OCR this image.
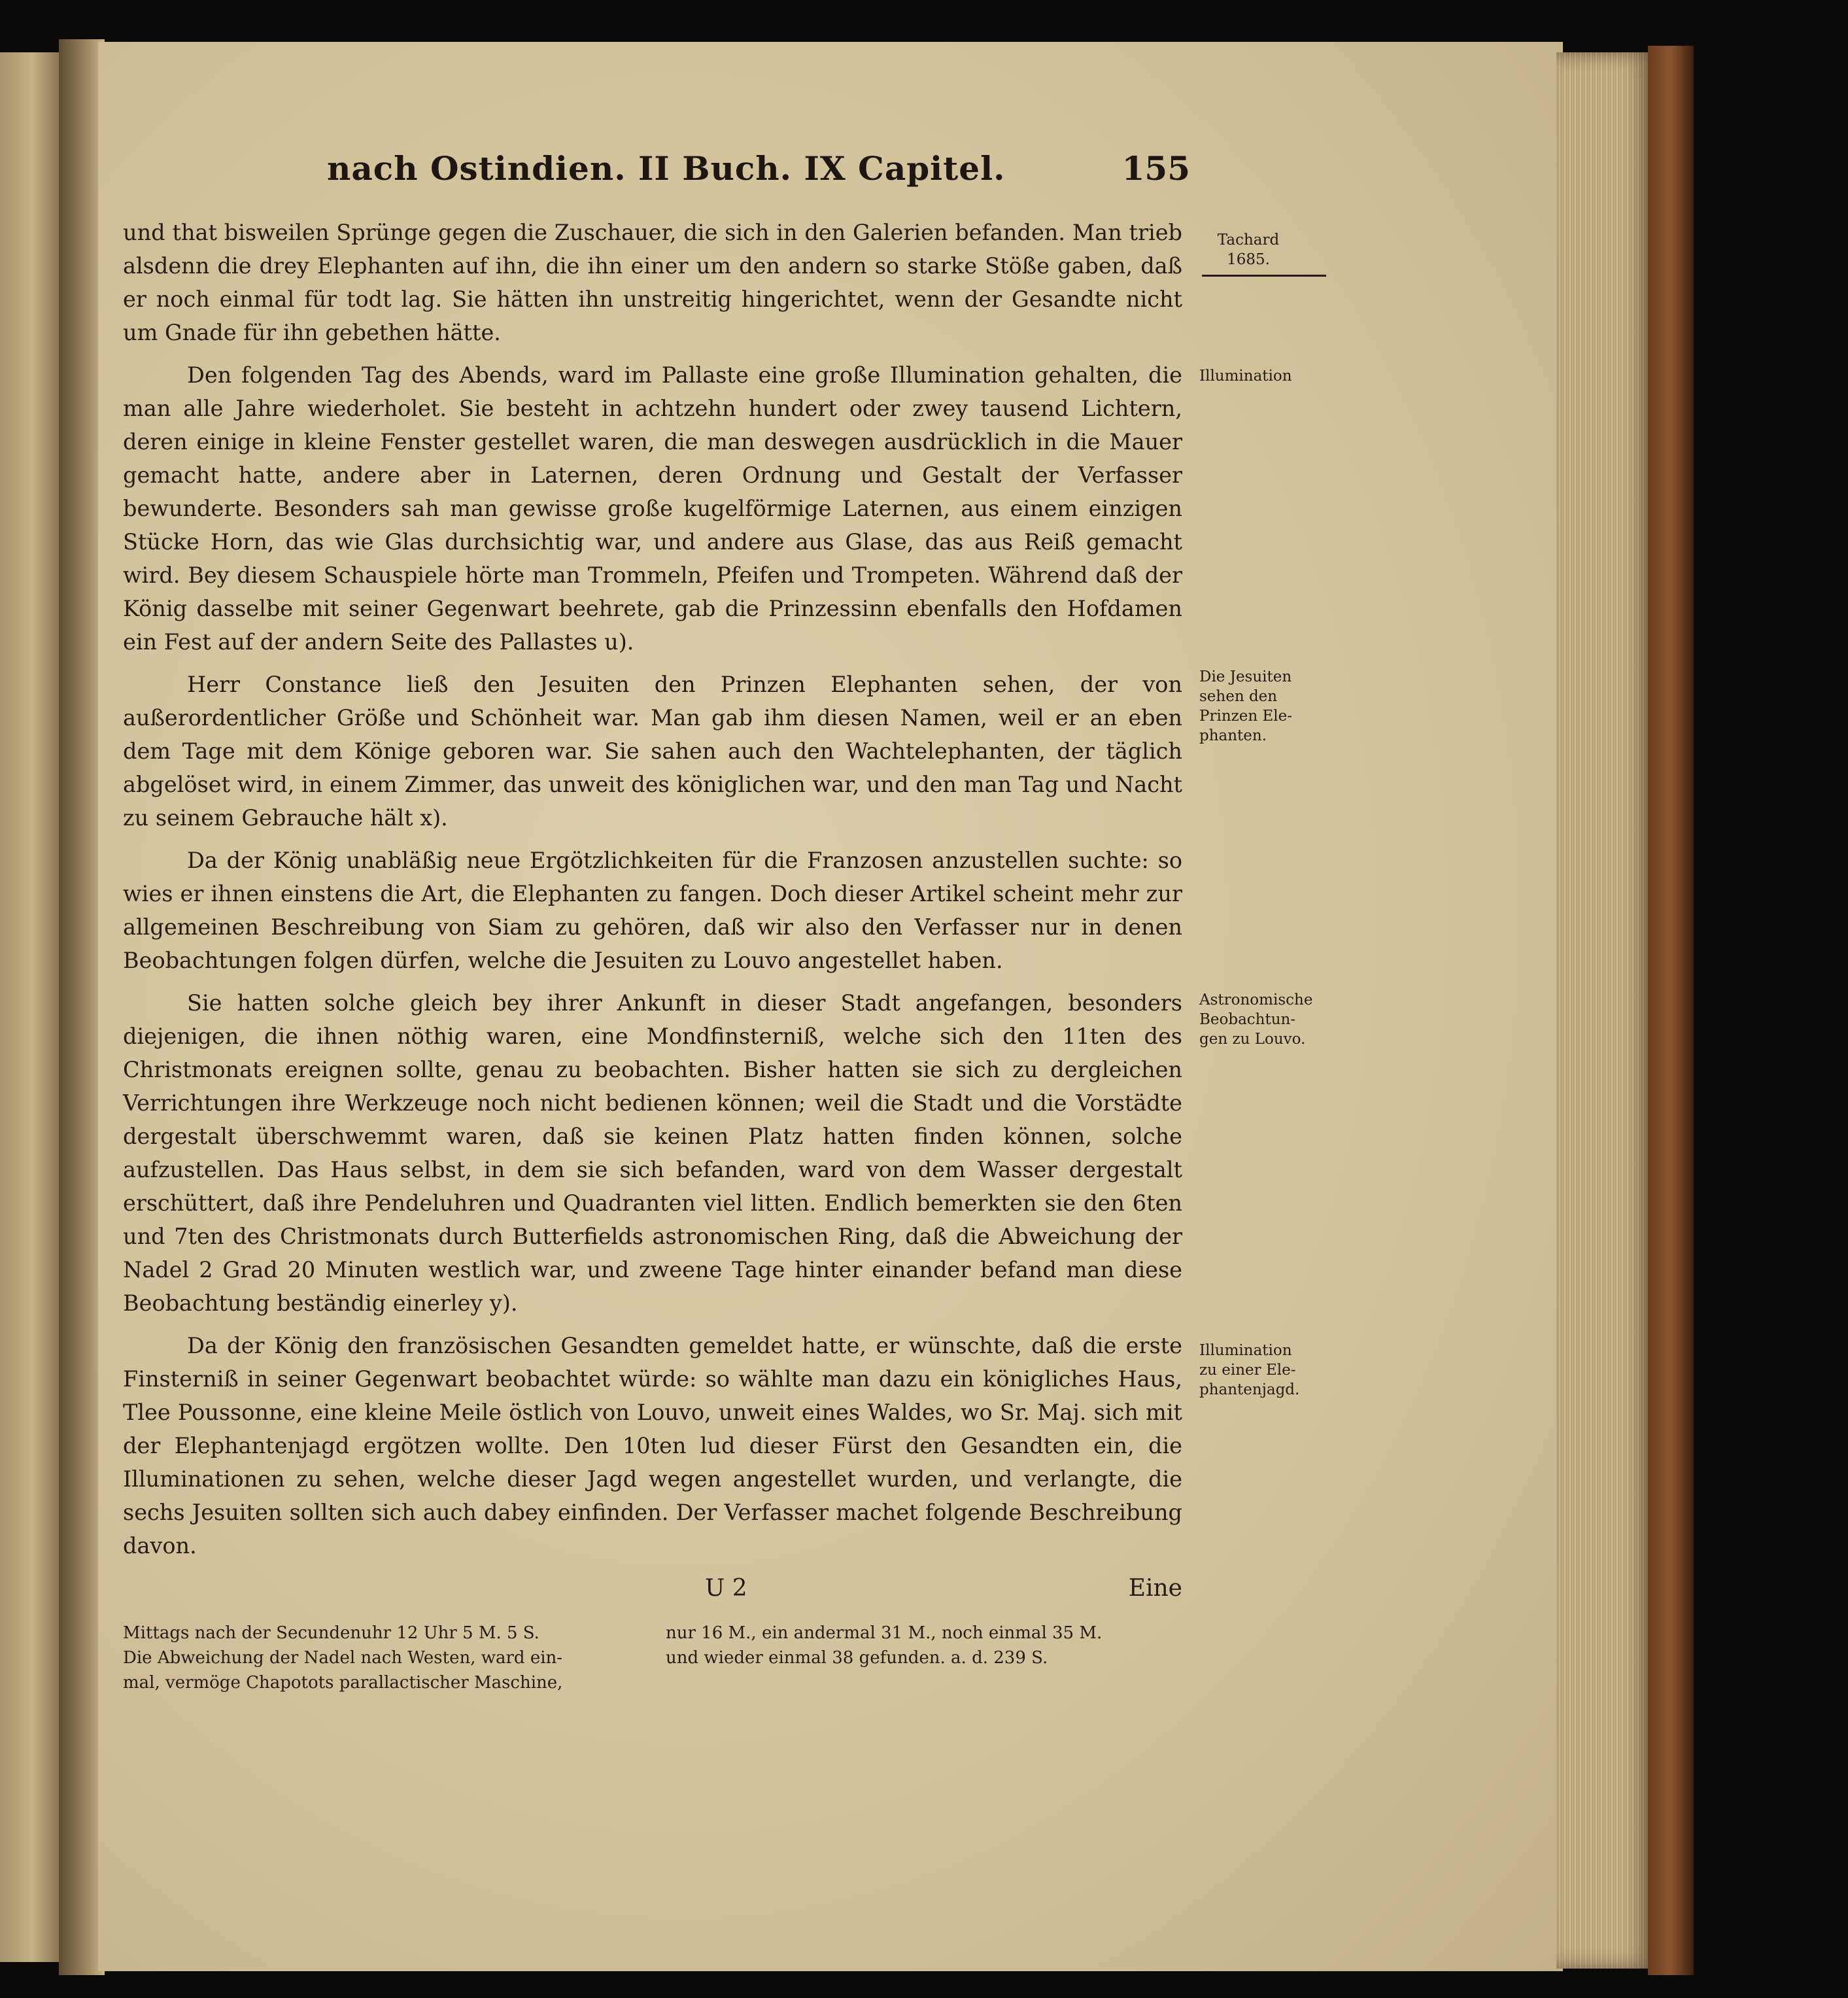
nach Ostindien. II Buch. IX Capitel.	155

und that bisweilen Sprünge gegen die Zuschauer, die sich in den Galerien befanden. Man trieb alsdenn die drey Elephanten auf ihn, die ihn einer um den andern so starke Stöße gaben, daß er noch einmal für todt lag. Sie hätten ihn unstreitig hingerichtet, wenn der Gesandte nicht um Gnade für ihn gebethen hätte.

Den folgenden Tag des Abends, ward im Pallaste eine große Illumination gehalten, die man alle Jahre wiederholet. Sie besteht in achtzehn hundert oder zwey tausend Lichtern, deren einige in kleine Fenster gestellet waren, die man deswegen ausdrücklich in die Mauer gemacht hatte, andere aber in Laternen, deren Ordnung und Gestalt der Verfasser bewunderte. Besonders sah man gewisse große kugelförmige Laternen, aus einem einzigen Stücke Horn, das wie Glas durchsichtig war, und andere aus Glase, das aus Reiß gemacht wird. Bey diesem Schauspiele hörte man Trommeln, Pfeifen und Trompeten. Während daß der König dasselbe mit seiner Gegenwart beehrete, gab die Prinzessinn ebenfalls den Hofdamen ein Fest auf der andern Seite des Pallastes u).

Herr Constance ließ den Jesuiten den Prinzen Elephanten sehen, der von außerordentlicher Größe und Schönheit war. Man gab ihm diesen Namen, weil er an eben dem Tage mit dem Könige geboren war. Sie sahen auch den Wachtelephanten, der täglich abgelöset wird, in einem Zimmer, das unweit des königlichen war, und den man Tag und Nacht zu seinem Gebrauche hält x).

Da der König unabläßig neue Ergötzlichkeiten für die Franzosen anzustellen suchte: so wies er ihnen einstens die Art, die Elephanten zu fangen. Doch dieser Artikel scheint mehr zur allgemeinen Beschreibung von Siam zu gehören, daß wir also den Verfasser nur in denen Beobachtungen folgen dürfen, welche die Jesuiten zu Louvo angestellet haben.

Sie hatten solche gleich bey ihrer Ankunft in dieser Stadt angefangen, besonders diejenigen, die ihnen nöthig waren, eine Mondfinsterniß, welche sich den 11ten des Christmonats ereignen sollte, genau zu beobachten. Bisher hatten sie sich zu dergleichen Verrichtungen ihre Werkzeuge noch nicht bedienen können; weil die Stadt und die Vorstädte dergestalt überschwemmt waren, daß sie keinen Platz hatten finden können, solche aufzustellen. Das Haus selbst, in dem sie sich befanden, ward von dem Wasser dergestalt erschüttert, daß ihre Pendeluhren und Quadranten viel litten. Endlich bemerkten sie den 6ten und 7ten des Christmonats durch Butterfields astronomischen Ring, daß die Abweichung der Nadel 2 Grad 20 Minuten westlich war, und zweene Tage hinter einander befand man diese Beobachtung beständig einerley y).

Da der König den französischen Gesandten gemeldet hatte, er wünschte, daß die erste Finsterniß in seiner Gegenwart beobachtet würde: so wählte man dazu ein königliches Haus, Tlee Poussonne, eine kleine Meile östlich von Louvo, unweit eines Waldes, wo Sr. Maj. sich mit der Elephantenjagd ergötzen wollte. Den 10ten lud dieser Fürst den Gesandten ein, die Illuminationen zu sehen, welche dieser Jagd wegen angestellet wurden, und verlangte, die sechs Jesuiten sollten sich auch dabey einfinden. Der Verfasser machet folgende Beschreibung davon.

Tachard
1685.
Illumination
Die Jesuiten
sehen den
Prinzen Ele-
phanten.
Astronomische
Beobachtun-
gen zu Louvo.
Illumination
zu einer Ele-
phantenjagd.
U 2	Eine
Mittags nach der Secundenuhr 12 Uhr 5 M. 5 S.
Die Abweichung der Nadel nach Westen, ward ein-
mal, vermöge Chapotots parallactischer Maschine,
nur 16 M., ein andermal 31 M., noch einmal 35 M.
und wieder einmal 38 gefunden. a. d. 239 S.
